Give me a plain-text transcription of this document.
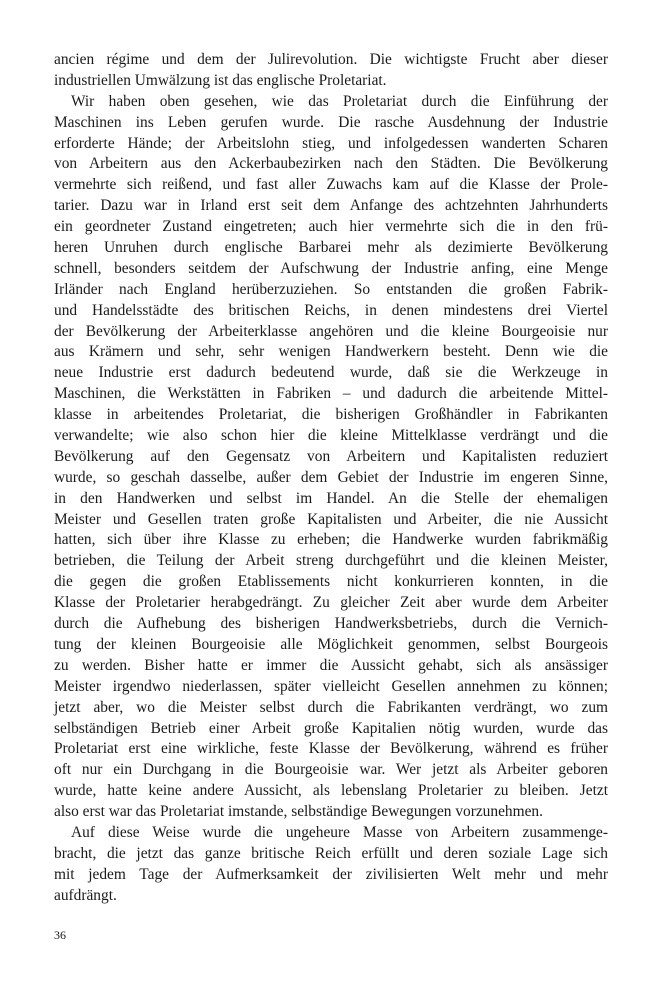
ancien régime und dem der Julirevolution. Die wichtigste Frucht aber dieser
industriellen Umwälzung ist das englische Proletariat.
Wir haben oben gesehen, wie das Proletariat durch die Einführung der
Maschinen ins Leben gerufen wurde. Die rasche Ausdehnung der Industrie
erforderte Hände; der Arbeitslohn stieg, und infolgedessen wanderten Scharen
von Arbeitern aus den Ackerbaubezirken nach den Städten. Die Bevölkerung
vermehrte sich reißend, und fast aller Zuwachs kam auf die Klasse der Prole-
tarier. Dazu war in Irland erst seit dem Anfange des achtzehnten Jahrhunderts
ein geordneter Zustand eingetreten; auch hier vermehrte sich die in den frü-
heren Unruhen durch englische Barbarei mehr als dezimierte Bevölkerung
schnell, besonders seitdem der Aufschwung der Industrie anfing, eine Menge
Irländer nach England herüberzuziehen. So entstanden die großen Fabrik-
und Handelsstädte des britischen Reichs, in denen mindestens drei Viertel
der Bevölkerung der Arbeiterklasse angehören und die kleine Bourgeoisie nur
aus Krämern und sehr, sehr wenigen Handwerkern besteht. Denn wie die
neue Industrie erst dadurch bedeutend wurde, daß sie die Werkzeuge in
Maschinen, die Werkstätten in Fabriken – und dadurch die arbeitende Mittel-
klasse in arbeitendes Proletariat, die bisherigen Großhändler in Fabrikanten
verwandelte; wie also schon hier die kleine Mittelklasse verdrängt und die
Bevölkerung auf den Gegensatz von Arbeitern und Kapitalisten reduziert
wurde, so geschah dasselbe, außer dem Gebiet der Industrie im engeren Sinne,
in den Handwerken und selbst im Handel. An die Stelle der ehemaligen
Meister und Gesellen traten große Kapitalisten und Arbeiter, die nie Aussicht
hatten, sich über ihre Klasse zu erheben; die Handwerke wurden fabrikmäßig
betrieben, die Teilung der Arbeit streng durchgeführt und die kleinen Meister,
die gegen die großen Etablissements nicht konkurrieren konnten, in die
Klasse der Proletarier herabgedrängt. Zu gleicher Zeit aber wurde dem Arbeiter
durch die Aufhebung des bisherigen Handwerksbetriebs, durch die Vernich-
tung der kleinen Bourgeoisie alle Möglichkeit genommen, selbst Bourgeois
zu werden. Bisher hatte er immer die Aussicht gehabt, sich als ansässiger
Meister irgendwo niederlassen, später vielleicht Gesellen annehmen zu können;
jetzt aber, wo die Meister selbst durch die Fabrikanten verdrängt, wo zum
selbständigen Betrieb einer Arbeit große Kapitalien nötig wurden, wurde das
Proletariat erst eine wirkliche, feste Klasse der Bevölkerung, während es früher
oft nur ein Durchgang in die Bourgeoisie war. Wer jetzt als Arbeiter geboren
wurde, hatte keine andere Aussicht, als lebenslang Proletarier zu bleiben. Jetzt
also erst war das Proletariat imstande, selbständige Bewegungen vorzunehmen.
Auf diese Weise wurde die ungeheure Masse von Arbeitern zusammenge-
bracht, die jetzt das ganze britische Reich erfüllt und deren soziale Lage sich
mit jedem Tage der Aufmerksamkeit der zivilisierten Welt mehr und mehr
aufdrängt.
36
